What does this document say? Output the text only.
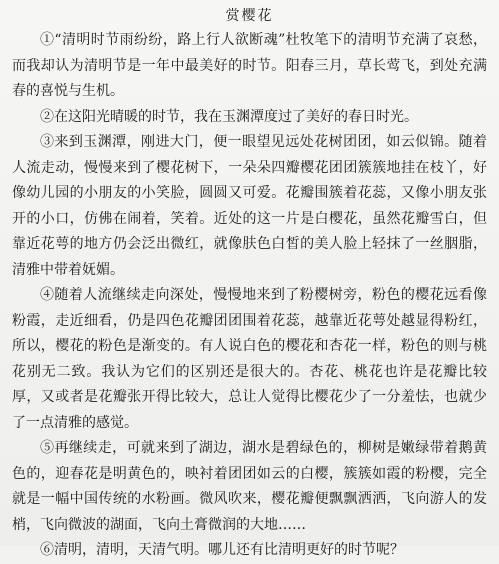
赏樱花

①“清明时节雨纷纷，路上行人欲断魂”杜牧笔下的清明节充满了哀愁，而我却认为清明节是一年中最美好的时节。阳春三月，草长莺飞，到处充满春的喜悦与生机。

②在这阳光晴暖的时节，我在玉渊潭度过了美好的春日时光。

③来到玉渊潭，刚进大门，便一眼望见远处花树团团，如云似锦。随着人流走动，慢慢来到了樱花树下，一朵朵四瓣樱花团团簇簇地挂在枝丫，好像幼儿园的小朋友的小笑脸，圆圆又可爱。花瓣围簇着花蕊，又像小朋友张开的小口，仿佛在闹着，笑着。近处的这一片是白樱花，虽然花瓣雪白，但靠近花萼的地方仍会泛出微红，就像肤色白皙的美人脸上轻抹了一丝胭脂，清雅中带着妩媚。

④随着人流继续走向深处，慢慢地来到了粉樱树旁，粉色的樱花远看像粉霞，走近细看，仍是四色花瓣团团围着花蕊，越靠近花萼处越显得粉红，所以，樱花的粉色是渐变的。有人说白色的樱花和杏花一样，粉色的则与桃花别无二致。我认为它们的区别还是很大的。杏花、桃花也许是花瓣比较厚，又或者是花瓣张开得比较大，总让人觉得比樱花少了一分羞怯，也就少了一点清雅的感觉。

⑤再继续走，可就来到了湖边，湖水是碧绿色的，柳树是嫩绿带着鹅黄色的，迎春花是明黄色的，映衬着团团如云的白樱，簇簇如霞的粉樱，完全就是一幅中国传统的水粉画。微风吹来，樱花瓣便飘飘洒洒，飞向游人的发梢，飞向微波的湖面，飞向土膏微润的大地……

⑥清明，清明，天清气明。哪儿还有比清明更好的时节呢？
